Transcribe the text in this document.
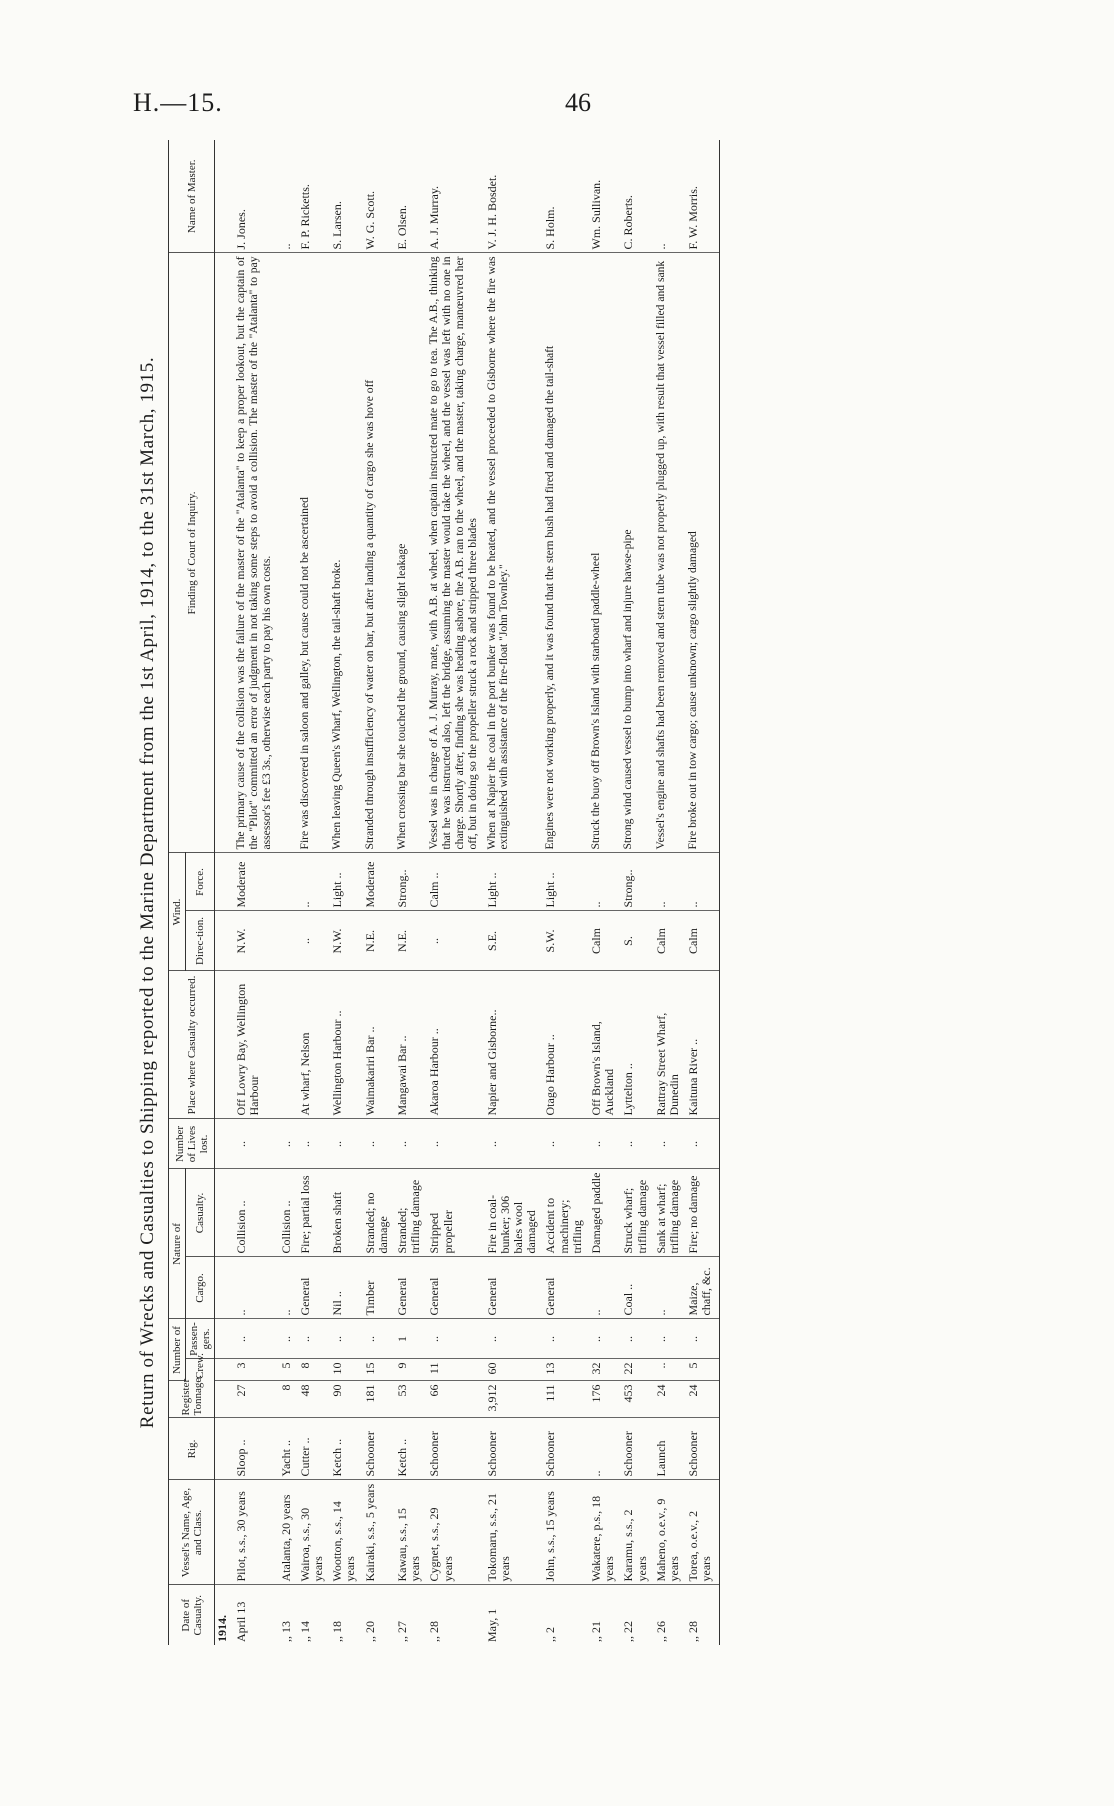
H.—15.	46
Return of Wrecks and Casualties to Shipping reported to the Marine Department from the 1st April, 1914, to the 31st March, 1915.
Date of Casualty.	Vessel's Name, Age, and Class.	Rig.	Register Tonnage.	Number of		Nature of		Number of Lives lost.	Place where Casualty occurred.	Wind.		Finding of Court of Inquiry.	Name of Master.
				Crew.	Passen-gers.	Cargo.	Casualty.			Direc-tion.	Force.		
1914.													
April 13	Pilot, s.s., 30 years	Sloop ..	27	3	..	..	Collision ..	..	Off Lowry Bay, Wellington Harbour	N.W.	Moderate	The primary cause of the collision was the failure of the master of the "Atalanta" to keep a proper lookout, but the captain of the "Pilot" committed an error of judgment in not taking some steps to avoid a collision. The master of the "Atalanta" to pay assessor's fee £3 3s., otherwise each party to pay his own costs.	J. Jones.
,, 13	Atalanta, 20 years	Yacht ..	8	5	..	..	Collision ..	..					..
,, 14	Wairoa, s.s., 30 years	Cutter ..	48	8	..	General	Fire; partial loss	..	At wharf, Nelson	..	..	Fire was discovered in saloon and galley, but cause could not be ascertained	F. P. Ricketts.
,, 18	Wootton, s.s., 14 years	Ketch ..	90	10	..	Nil ..	Broken shaft	..	Wellington Harbour ..	N.W.	Light ..	When leaving Queen's Wharf, Wellington, the tail-shaft broke.	S. Larsen.
,, 20	Kairaki, s.s., 5 years	Schooner	181	15	..	Timber	Stranded; no damage	..	Waimakariri Bar ..	N.E.	Moderate	Stranded through insufficiency of water on bar, but after landing a quantity of cargo she was hove off	W. G. Scott.
,, 27	Kawau, s.s., 15 years	Ketch ..	53	9	1	General	Stranded; trifling damage	..	Mangawai Bar ..	N.E.	Strong..	When crossing bar she touched the ground, causing slight leakage	E. Olsen.
,, 28	Cygnet, s.s., 29 years	Schooner	66	11	..	General	Stripped propeller	..	Akaroa Harbour ..	..	Calm ..	Vessel was in charge of A. J. Murray, mate, with A.B. at wheel, when captain instructed mate to go to tea. The A.B., thinking that he was instructed also, left the bridge, assuming the master would take the wheel, and the vessel was left with no one in charge. Shortly after, finding she was heading ashore, the A.B. ran to the wheel, and the master, taking charge, manœuvred her off, but in doing so the propeller struck a rock and stripped three blades	A. J. Murray.
May, 1	Tokomaru, s.s., 21 years	Schooner	3,912	60	..	General	Fire in coal-bunker; 306 bales wool damaged	..	Napier and Gisborne..	S.E.	Light ..	When at Napier the coal in the port bunker was found to be heated, and the vessel proceeded to Gisborne where the fire was extinguished with assistance of the fire-float "John Townley."	V. J. H. Bosdet.
,, 2	John, s.s., 15 years	Schooner	111	13	..	General	Accident to machinery; trifling	..	Otago Harbour ..	S.W.	Light ..	Engines were not working properly, and it was found that the stern bush had fired and damaged the tail-shaft	S. Holm.
,, 21	Wakatere, p.s., 18 years	..	176	32	..	..	Damaged paddle	..	Off Brown's Island, Auckland	Calm	..	Struck the buoy off Brown's Island with starboard paddle-wheel	Wm. Sullivan.
,, 22	Karamu, s.s., 2 years	Schooner	453	22	..	Coal ..	Struck wharf; trifling damage	..	Lyttelton ..	S.	Strong..	Strong wind caused vessel to bump into wharf and injure hawse-pipe	C. Roberts.
,, 26	Maheno, o.e.v., 9 years	Launch	24	..	..	..	Sank at wharf; trifling damage	..	Rattray Street Wharf, Dunedin	Calm	..	Vessel's engine and shafts had been removed and stern tube was not properly plugged up, with result that vessel filled and sank	..
,, 28	Torea, o.e.v., 2 years	Schooner	24	5	..	Maize, chaff, &c.	Fire; no damage	..	Kaituna River ..	Calm	..	Fire broke out in tow cargo; cause unknown; cargo slightly damaged	F. W. Morris.
